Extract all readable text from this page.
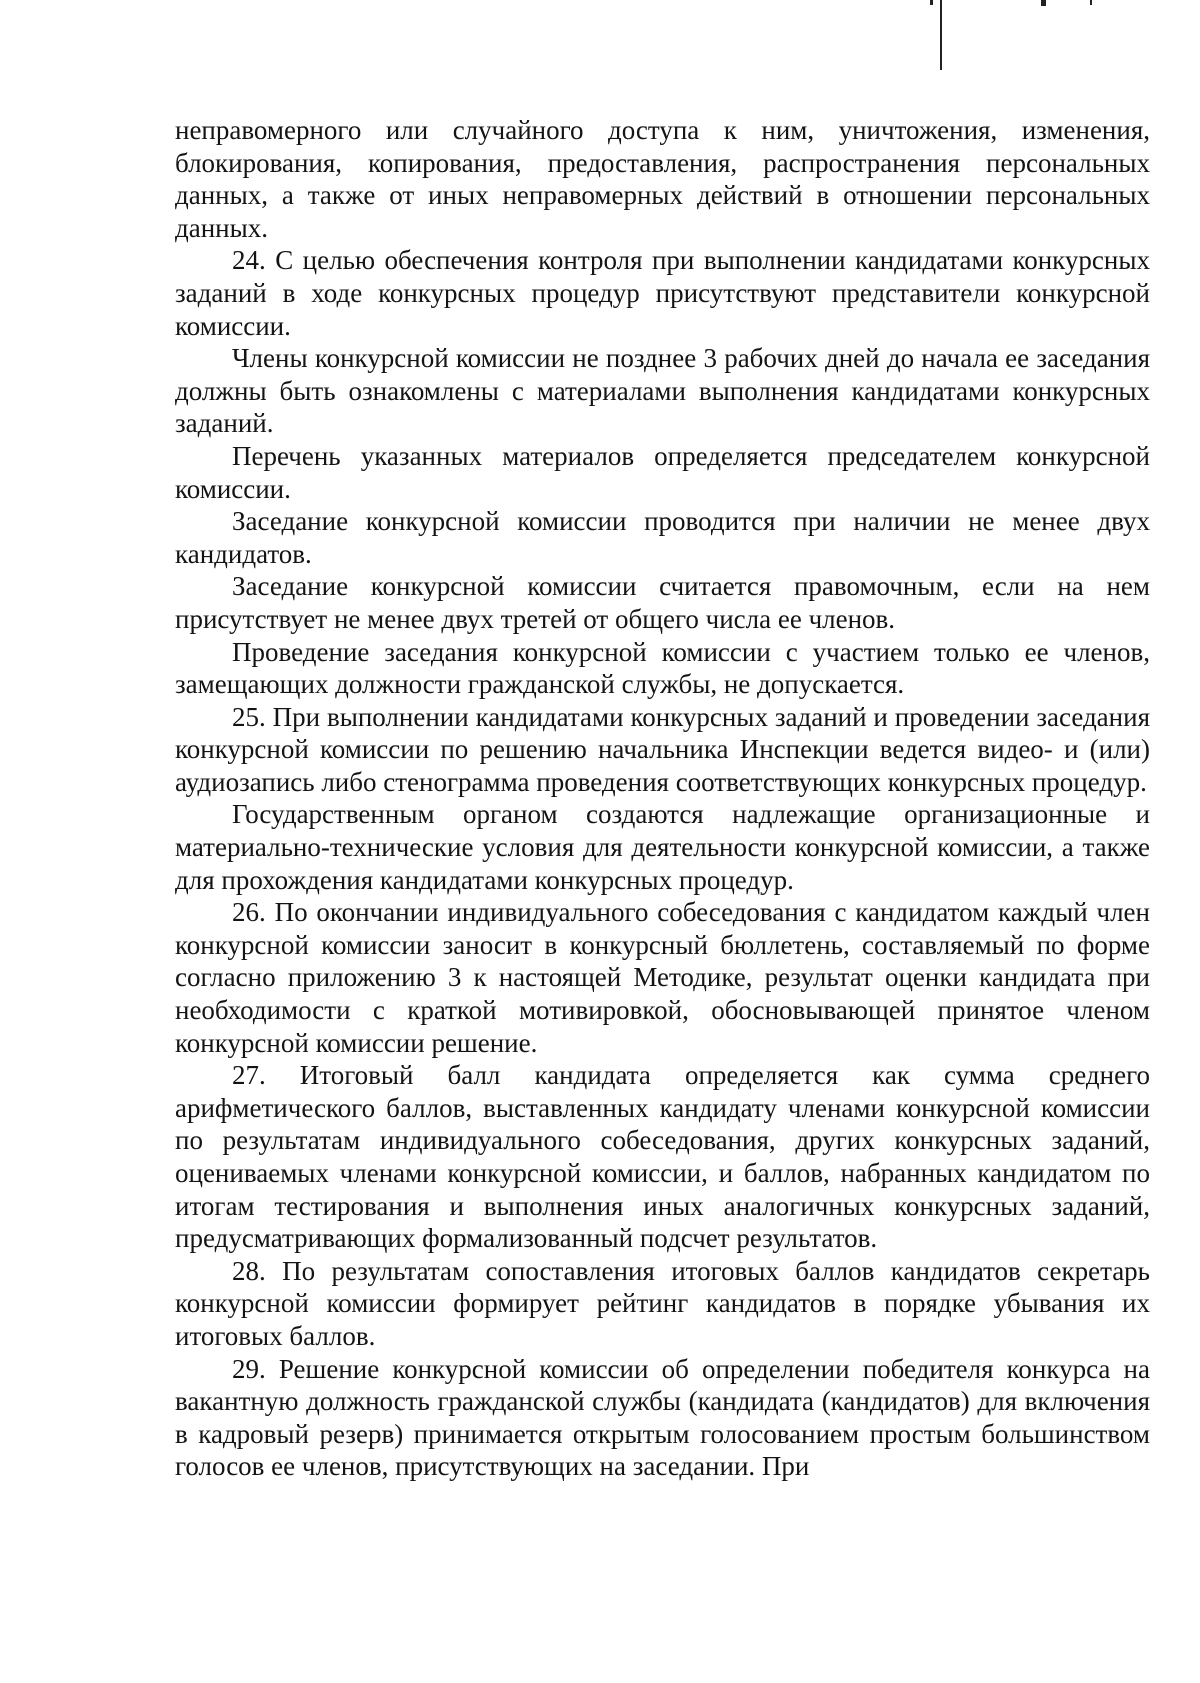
неправомерного или случайного доступа к ним, уничтожения, изменения, блокирования, копирования, предоставления, распространения персональных данных, а также от иных неправомерных действий в отношении персональных данных.

24. С целью обеспечения контроля при выполнении кандидатами конкурсных заданий в ходе конкурсных процедур присутствуют представители конкурсной комиссии.

Члены конкурсной комиссии не позднее 3 рабочих дней до начала ее заседания должны быть ознакомлены с материалами выполнения кандидатами конкурсных заданий.

Перечень указанных материалов определяется председателем конкурсной комиссии.

Заседание конкурсной комиссии проводится при наличии не менее двух кандидатов.

Заседание конкурсной комиссии считается правомочным, если на нем присутствует не менее двух третей от общего числа ее членов.

Проведение заседания конкурсной комиссии с участием только ее членов, замещающих должности гражданской службы, не допускается.

25. При выполнении кандидатами конкурсных заданий и проведении заседания конкурсной комиссии по решению начальника Инспекции ведется видео- и (или) аудиозапись либо стенограмма проведения соответствующих конкурсных процедур.

Государственным органом создаются надлежащие организационные и материально-технические условия для деятельности конкурсной комиссии, а также для прохождения кандидатами конкурсных процедур.

26. По окончании индивидуального собеседования с кандидатом каждый член конкурсной комиссии заносит в конкурсный бюллетень, составляемый по форме согласно приложению 3 к настоящей Методике, результат оценки кандидата при необходимости с краткой мотивировкой, обосновывающей принятое членом конкурсной комиссии решение.

27. Итоговый балл кандидата определяется как сумма среднего арифметического баллов, выставленных кандидату членами конкурсной комиссии по результатам индивидуального собеседования, других конкурсных заданий, оцениваемых членами конкурсной комиссии, и баллов, набранных кандидатом по итогам тестирования и выполнения иных аналогичных конкурсных заданий, предусматривающих формализованный подсчет результатов.

28. По результатам сопоставления итоговых баллов кандидатов секретарь конкурсной комиссии формирует рейтинг кандидатов в порядке убывания их итоговых баллов.

29. Решение конкурсной комиссии об определении победителя конкурса на вакантную должность гражданской службы (кандидата (кандидатов) для включения в кадровый резерв) принимается открытым голосованием простым большинством голосов ее членов, присутствующих на заседании. При
